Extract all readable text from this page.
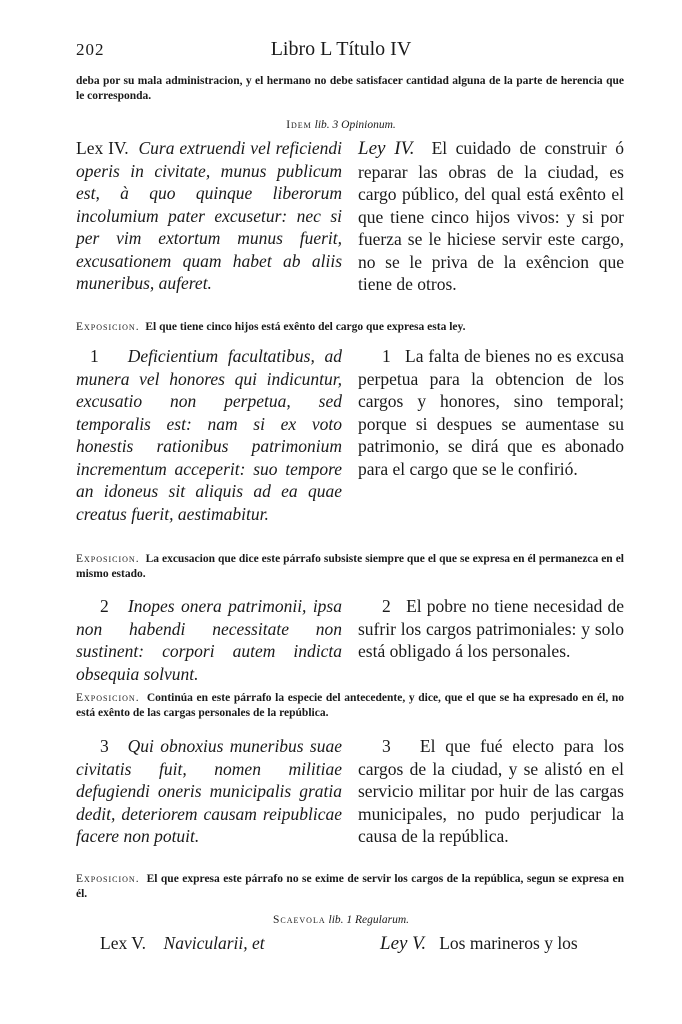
202	Libro L Título IV
deba por su mala administracion, y el hermano no debe satisfacer cantidad alguna de la parte de herencia que le corresponda.
Idem lib. 3 Opinionum.

Lex IV. Cura extruendi vel reficiendi operis in civitate, munus publicum est, à quo quinque liberorum incolumium pater excusetur: nec si per vim extortum munus fuerit, excusationem quam habet ab aliis muneribus, auferet.

Ley IV. El cuidado de construir ó reparar las obras de la ciudad, es cargo público, del qual está exênto el que tiene cinco hijos vivos: y si por fuerza se le hiciese servir este cargo, no se le priva de la exêncion que tiene de otros.

Exposicion. El que tiene cinco hijos está exênto del cargo que expresa esta ley.

1 Deficientium facultatibus, ad munera vel honores qui indicuntur, excusatio non perpetua, sed temporalis est: nam si ex voto honestis rationibus patrimonium incrementum acceperit: suo tempore an idoneus sit aliquis ad ea quae creatus fuerit, aestimabitur.

1 La falta de bienes no es excusa perpetua para la obtencion de los cargos y honores, sino temporal; porque si despues se aumentase su patrimonio, se dirá que es abonado para el cargo que se le confirió.

Exposicion. La excusacion que dice este párrafo subsiste siempre que el que se expresa en él permanezca en el mismo estado.

2 Inopes onera patrimonii, ipsa non habendi necessitate non sustinent: corpori autem indicta obsequia solvunt.

2 El pobre no tiene necesidad de sufrir los cargos patrimoniales: y solo está obligado á los personales.

Exposicion. Continúa en este párrafo la especie del antecedente, y dice, que el que se ha expresado en él, no está exênto de las cargas personales de la república.

3 Qui obnoxius muneribus suae civitatis fuit, nomen militiae defugiendi oneris municipalis gratia dedit, deteriorem causam reipublicae facere non potuit.

3 El que fué electo para los cargos de la ciudad, y se alistó en el servicio militar por huir de las cargas municipales, no pudo perjudicar la causa de la república.

Exposicion. El que expresa este párrafo no se exime de servir los cargos de la república, segun se expresa en él.
Scaevola lib. 1 Regularum.
Lex V. Navicularii, et	Ley V. Los marineros y los
